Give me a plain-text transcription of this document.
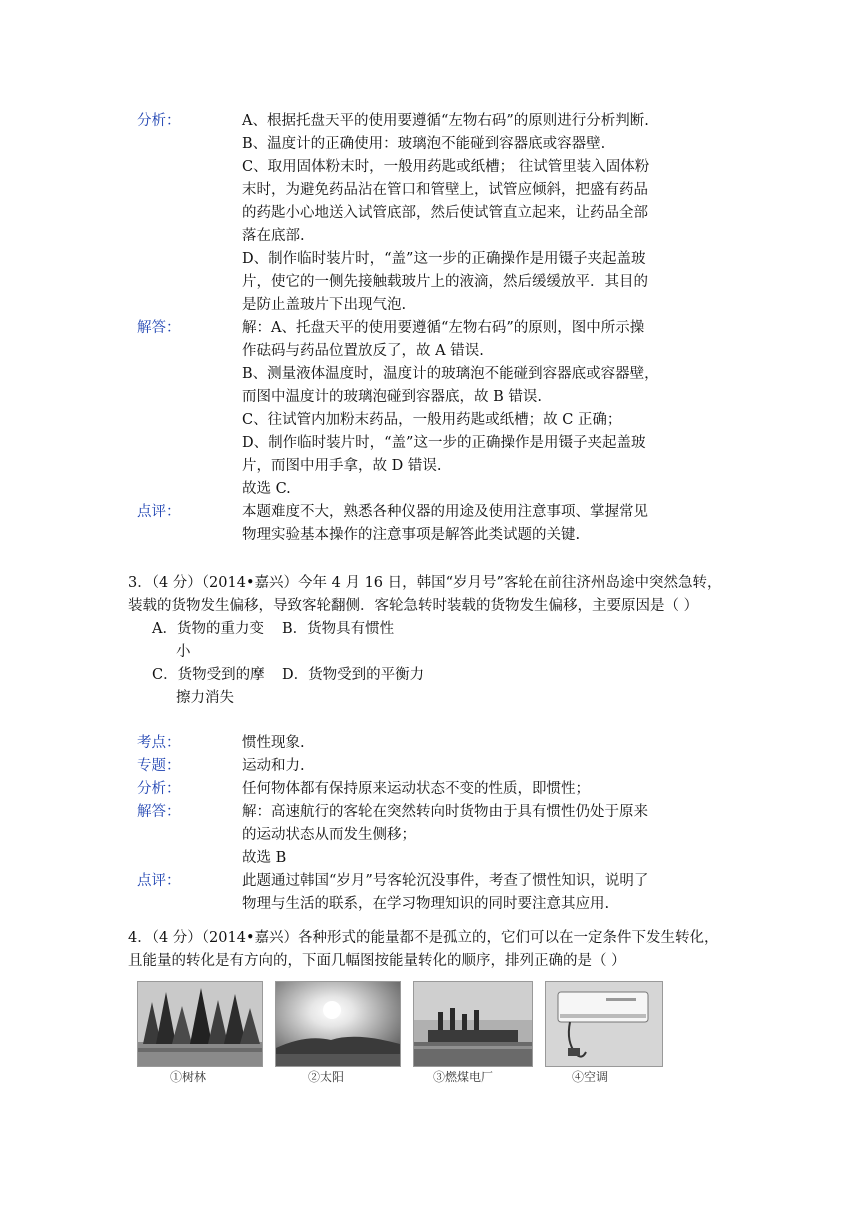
分析：	A、根据托盘天平的使用要遵循“左物右码”的原则进行分析判断.
B、温度计的正确使用：玻璃泡不能碰到容器底或容器壁.
C、取用固体粉末时，一般用药匙或纸槽； 往试管里装入固体粉
末时，为避免药品沾在管口和管壁上，试管应倾斜，把盛有药品
的药匙小心地送入试管底部，然后使试管直立起来，让药品全部
落在底部.
D、制作临时装片时，“盖”这一步的正确操作是用镊子夹起盖玻
片，使它的一侧先接触载玻片上的液滴，然后缓缓放平．其目的
是防止盖玻片下出现气泡.
解答：	解：A、托盘天平的使用要遵循“左物右码”的原则，图中所示操
作砝码与药品位置放反了，故 A 错误.
B、测量液体温度时，温度计的玻璃泡不能碰到容器底或容器壁，
而图中温度计的玻璃泡碰到容器底，故 B 错误.
C、往试管内加粉末药品，一般用药匙或纸槽；故 C 正确；
D、制作临时装片时，“盖”这一步的正确操作是用镊子夹起盖玻
片，而图中用手拿，故 D 错误.
故选 C.
点评：	本题难度不大，熟悉各种仪器的用途及使用注意事项、掌握常见
物理实验基本操作的注意事项是解答此类试题的关键.
3．（4 分）（2014•嘉兴）今年 4 月 16 日，韩国“岁月号”客轮在前往济州岛途中突然急转，
装载的货物发生偏移，导致客轮翻侧．客轮急转时装载的货物发生偏移，主要原因是（ ）
A．货物的重力变
小
B．货物具有惯性
C．货物受到的摩
擦力消失
D．货物受到的平衡力
考点：	惯性现象.
专题：	运动和力.
分析：	任何物体都有保持原来运动状态不变的性质，即惯性；
解答：	解：高速航行的客轮在突然转向时货物由于具有惯性仍处于原来
的运动状态从而发生侧移；
故选 B
点评：	此题通过韩国“岁月”号客轮沉没事件，考查了惯性知识，说明了
物理与生活的联系，在学习物理知识的同时要注意其应用.
4．（4 分）（2014•嘉兴）各种形式的能量都不是孤立的，它们可以在一定条件下发生转化，
且能量的转化是有方向的，下面几幅图按能量转化的顺序，排列正确的是（ ）
①树林	②太阳	③燃煤电厂	④空调
